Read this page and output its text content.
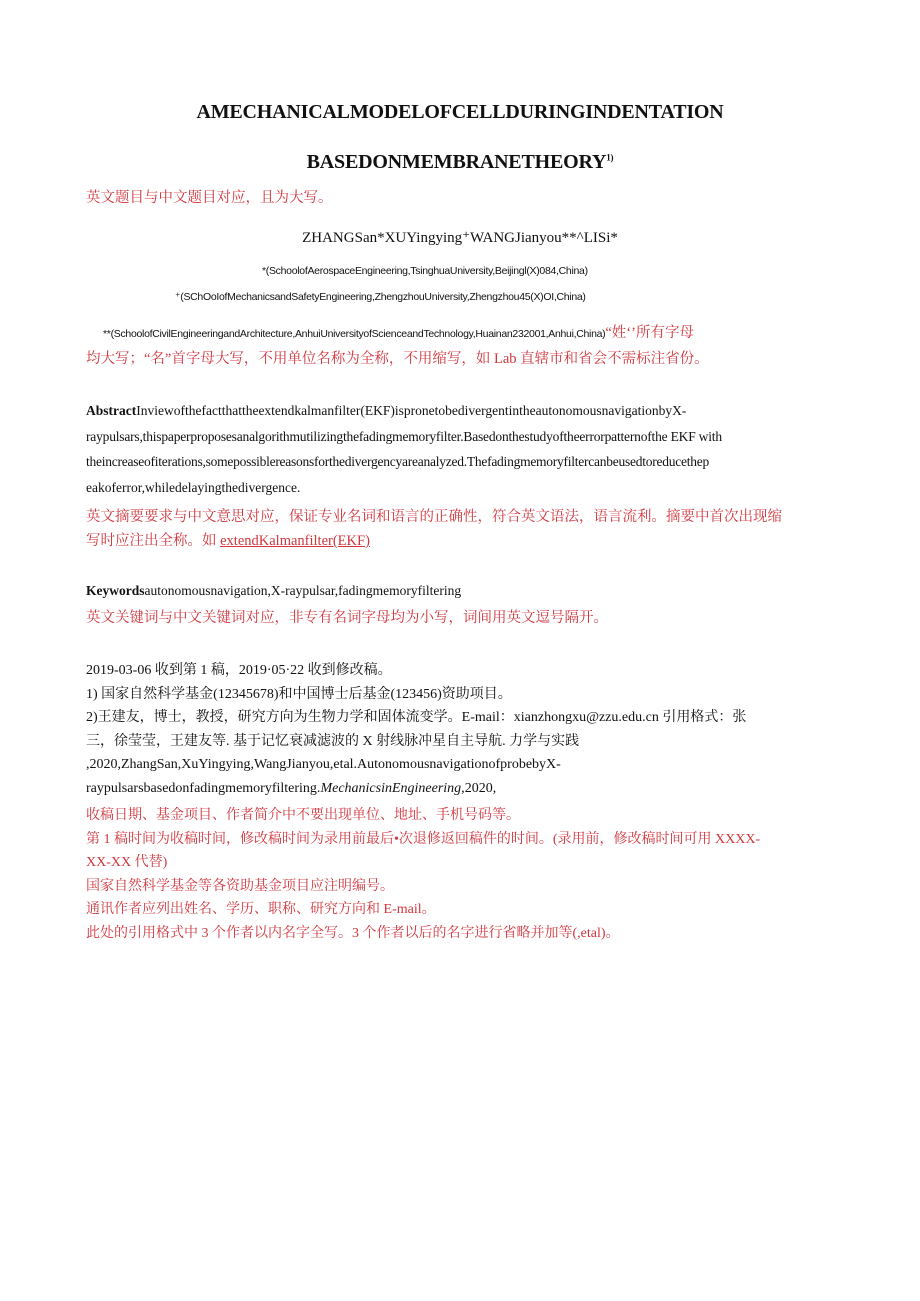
AMECHANICALMODELOFCELLDURINGINDENTATION
BASEDONMEMBRANETHEORY$^{1)}$
英文题目与中文题目对应，且为大写。
ZHANGSan*XUYingying⁺WANGJianyou**^LISi*
*(SchoolofAerospaceEngineering,TsinghuaUniversity,Beijingl(X)084,China)
⁺(SChOoIofMechanicsandSafetyEngineering,ZhengzhouUniversity,Zhengzhou45(X)OI,China)
**(SchoolofCivilEngineeringandArchitecture,AnhuiUniversityofScienceandTechnology,Huainan232001,Anhui,China)“姓‘’所有字母
均大写；“名”首字母大写，不用单位名称为全称，不用缩写，如 Lab 直辖市和省会不需标注省份。
AbstractInviewofthefactthattheextendkalmanfilter(EKF)ispronetobedivergentintheautonomousnavigationbyX-
raypulsars,thispaperproposesanalgorithmutilizingthefadingmemoryfilter.Basedonthestudyoftheerrorpatternofthe EKF with
theincreaseofiterations,somepossiblereasonsforthedivergencyareanalyzed.Thefadingmemoryfiltercanbeusedtoreducethep
eakoferror,whiledelayingthedivergence.
英文摘要要求与中文意思对应，保证专业名词和语言的正确性，符合英文语法，语言流利。摘要中首次出现缩
写时应注出全称。如 extendKalmanfilter(EKF)
Keywordsautonomousnavigation,X-raypulsar,fadingmemoryfiltering
英文关键词与中文关键词对应，非专有名词字母均为小写，词间用英文逗号隔开。
2019-03-06 收到第 1 稿，2019·05·22 收到修改稿。
1) 国家自然科学基金(12345678)和中国博士后基金(123456)资助项目。
2)王建友，博士，教授，研究方向为生物力学和固体流变学。E-mail：xianzhongxu@zzu.edu.cn 引用格式：张
三，徐莹莹，王建友等. 基于记忆衰减滤波的 X 射线脉冲星自主导航. 力学与实践
,2020,ZhangSan,XuYingying,WangJianyou,etal.AutonomousnavigationofprobebyX-
raypulsarsbasedonfadingmemoryfiltering.MechanicsinEngineering,2020,
收稿日期、基金项目、作者简介中不要出现单位、地址、手机号码等。
第 1 稿时间为收稿时间，修改稿时间为录用前最后•次退修返回稿件的时间。(录用前，修改稿时间可用 XXXX-
XX-XX 代替)
国家自然科学基金等各资助基金项目应注明编号。
通讯作者应列出姓名、学历、职称、研究方向和 E-mail。
此处的引用格式中 3 个作者以内名字全写。3 个作者以后的名字进行省略并加等(,etal)。
